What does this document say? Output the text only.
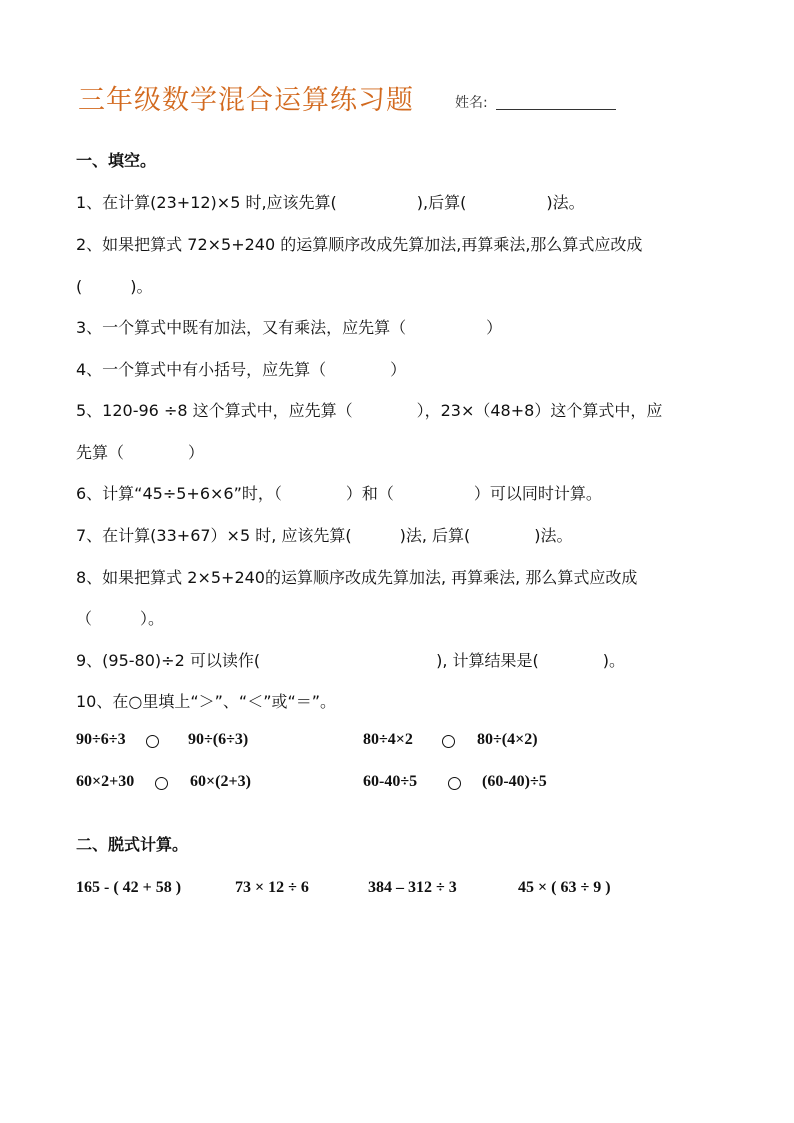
三年级数学混合运算练习题	姓名:
一、填空。
1、在计算(23+12)×5 时,应该先算(　　　　　),后算(　　　　　)法。
2、如果把算式 72×5+240 的运算顺序改成先算加法,再算乘法,那么算式应改成
(　　　)。
3、一个算式中既有加法，又有乘法，应先算（　　　　　）
4、一个算式中有小括号，应先算（　　　　）
5、120-96 ÷8 这个算式中，应先算（　　　　），23×（48+8）这个算式中，应
先算（　　　　）
6、计算“45÷5+6×6”时，（　　　　）和（　　　　　）可以同时计算。
7、在计算(33+67）×5 时, 应该先算(　　　)法, 后算(　　　　)法。
8、如果把算式 2×5+240的运算顺序改成先算加法, 再算乘法, 那么算式应改成
（　　　）。
9、(95-80)÷2 可以读作(　　　　　　　　　　　), 计算结果是(　　　　)。
10、在○里填上“＞”、“＜”或“＝”。
90÷6÷3	90÷(6÷3)	80÷4×2	80÷(4×2)
60×2+30	60×(2+3)	60-40÷5	(60-40)÷5
二、脱式计算。
165 - ( 42 + 58 )	73 × 12 ÷ 6	384 – 312 ÷ 3	45 × ( 63 ÷ 9 )
